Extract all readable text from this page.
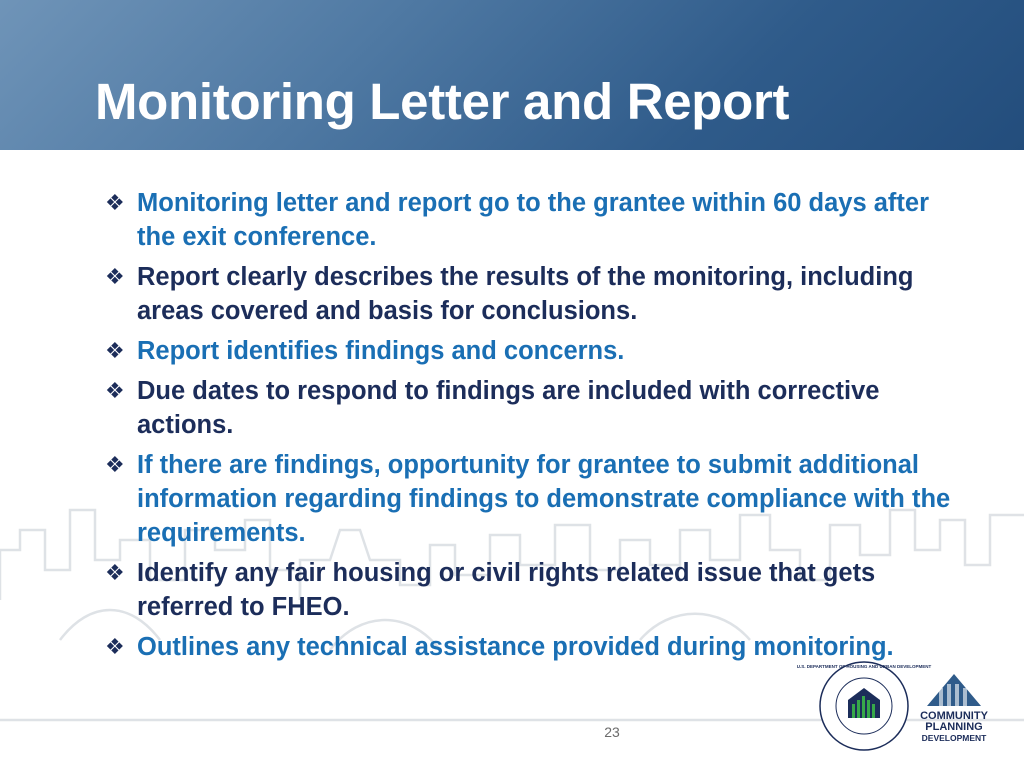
Monitoring Letter and Report
❖ Monitoring letter and report go to the grantee within 60 days after the exit conference.
❖ Report clearly describes the results of the monitoring, including areas covered and basis for conclusions.
❖ Report identifies findings and concerns.
❖ Due dates to respond to findings are included with corrective actions.
❖ If there are findings, opportunity for grantee to submit additional information regarding findings to demonstrate compliance with the requirements.
❖ Identify any fair housing or civil rights related issue that gets referred to FHEO.
❖ Outlines any technical assistance provided during monitoring.
23
U.S. DEPARTMENT OF HOUSING AND URBAN DEVELOPMENT
COMMUNITY
PLANNING
DEVELOPMENT
